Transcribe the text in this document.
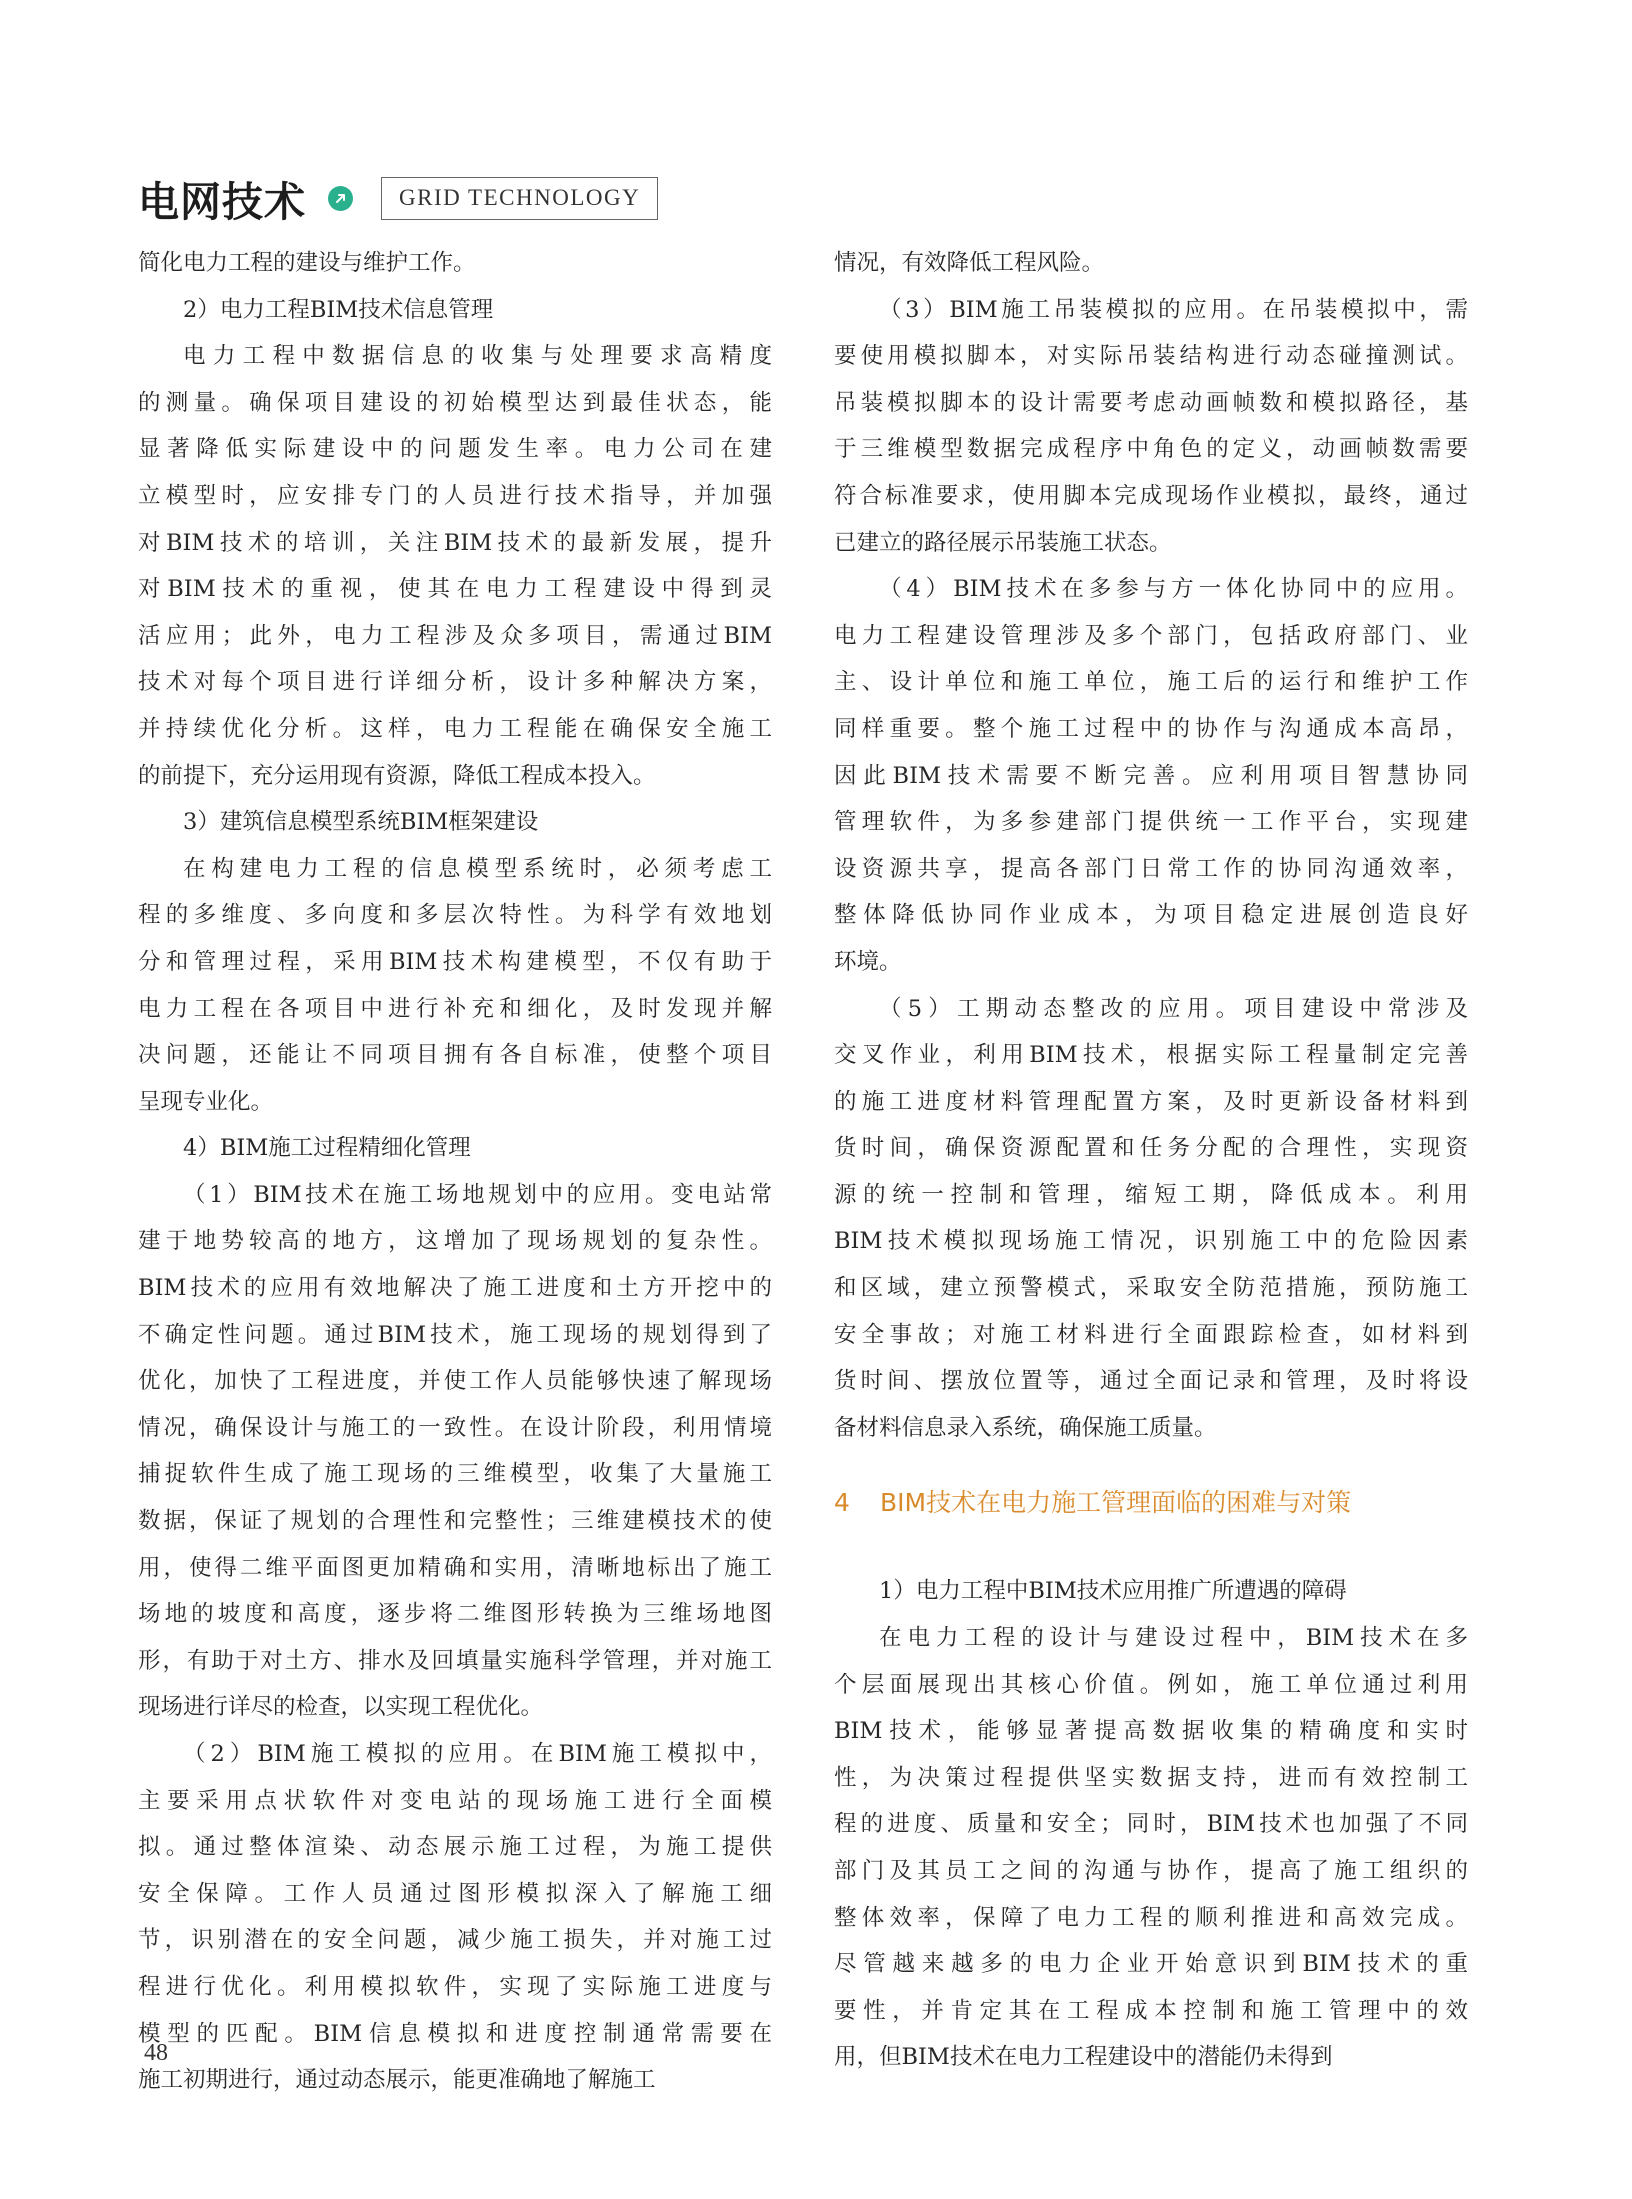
电网技术	GRID TECHNOLOGY
简化电力工程的建设与维护工作。
2）电力工程BIM技术信息管理
电力工程中数据信息的收集与处理要求高精度
的测量。确保项目建设的初始模型达到最佳状态，能
显著降低实际建设中的问题发生率。电力公司在建
立模型时，应安排专门的人员进行技术指导，并加强
对BIM技术的培训，关注BIM技术的最新发展，提升
对BIM技术的重视，使其在电力工程建设中得到灵
活应用；此外，电力工程涉及众多项目，需通过BIM
技术对每个项目进行详细分析，设计多种解决方案，
并持续优化分析。这样，电力工程能在确保安全施工
的前提下，充分运用现有资源，降低工程成本投入。
3）建筑信息模型系统BIM框架建设
在构建电力工程的信息模型系统时，必须考虑工
程的多维度、多向度和多层次特性。为科学有效地划
分和管理过程，采用BIM技术构建模型，不仅有助于
电力工程在各项目中进行补充和细化，及时发现并解
决问题，还能让不同项目拥有各自标准，使整个项目
呈现专业化。
4）BIM施工过程精细化管理
（1）BIM技术在施工场地规划中的应用。变电站常
建于地势较高的地方，这增加了现场规划的复杂性。
BIM技术的应用有效地解决了施工进度和土方开挖中的
不确定性问题。通过BIM技术，施工现场的规划得到了
优化，加快了工程进度，并使工作人员能够快速了解现场
情况，确保设计与施工的一致性。在设计阶段，利用情境
捕捉软件生成了施工现场的三维模型，收集了大量施工
数据，保证了规划的合理性和完整性；三维建模技术的使
用，使得二维平面图更加精确和实用，清晰地标出了施工
场地的坡度和高度，逐步将二维图形转换为三维场地图
形，有助于对土方、排水及回填量实施科学管理，并对施工
现场进行详尽的检查，以实现工程优化。
（2）BIM施工模拟的应用。在BIM施工模拟中，
主要采用点状软件对变电站的现场施工进行全面模
拟。通过整体渲染、动态展示施工过程，为施工提供
安全保障。工作人员通过图形模拟深入了解施工细
节，识别潜在的安全问题，减少施工损失，并对施工过
程进行优化。利用模拟软件，实现了实际施工进度与
模型的匹配。BIM信息模拟和进度控制通常需要在
施工初期进行，通过动态展示，能更准确地了解施工
情况，有效降低工程风险。
（3）BIM施工吊装模拟的应用。在吊装模拟中，需
要使用模拟脚本，对实际吊装结构进行动态碰撞测试。
吊装模拟脚本的设计需要考虑动画帧数和模拟路径，基
于三维模型数据完成程序中角色的定义，动画帧数需要
符合标准要求，使用脚本完成现场作业模拟，最终，通过
已建立的路径展示吊装施工状态。
（4）BIM技术在多参与方一体化协同中的应用。
电力工程建设管理涉及多个部门，包括政府部门、业
主、设计单位和施工单位，施工后的运行和维护工作
同样重要。整个施工过程中的协作与沟通成本高昂，
因此BIM技术需要不断完善。应利用项目智慧协同
管理软件，为多参建部门提供统一工作平台，实现建
设资源共享，提高各部门日常工作的协同沟通效率，
整体降低协同作业成本，为项目稳定进展创造良好
环境。
（5）工期动态整改的应用。项目建设中常涉及
交叉作业，利用BIM技术，根据实际工程量制定完善
的施工进度材料管理配置方案，及时更新设备材料到
货时间，确保资源配置和任务分配的合理性，实现资
源的统一控制和管理，缩短工期，降低成本。利用
BIM技术模拟现场施工情况，识别施工中的危险因素
和区域，建立预警模式，采取安全防范措施，预防施工
安全事故；对施工材料进行全面跟踪检查，如材料到
货时间、摆放位置等，通过全面记录和管理，及时将设
备材料信息录入系统，确保施工质量。
4 BIM技术在电力施工管理面临的困难与对策
1）电力工程中BIM技术应用推广所遭遇的障碍
在电力工程的设计与建设过程中，BIM技术在多
个层面展现出其核心价值。例如，施工单位通过利用
BIM技术，能够显著提高数据收集的精确度和实时
性，为决策过程提供坚实数据支持，进而有效控制工
程的进度、质量和安全；同时，BIM技术也加强了不同
部门及其员工之间的沟通与协作，提高了施工组织的
整体效率，保障了电力工程的顺利推进和高效完成。
尽管越来越多的电力企业开始意识到BIM技术的重
要性，并肯定其在工程成本控制和施工管理中的效
用，但BIM技术在电力工程建设中的潜能仍未得到
48
